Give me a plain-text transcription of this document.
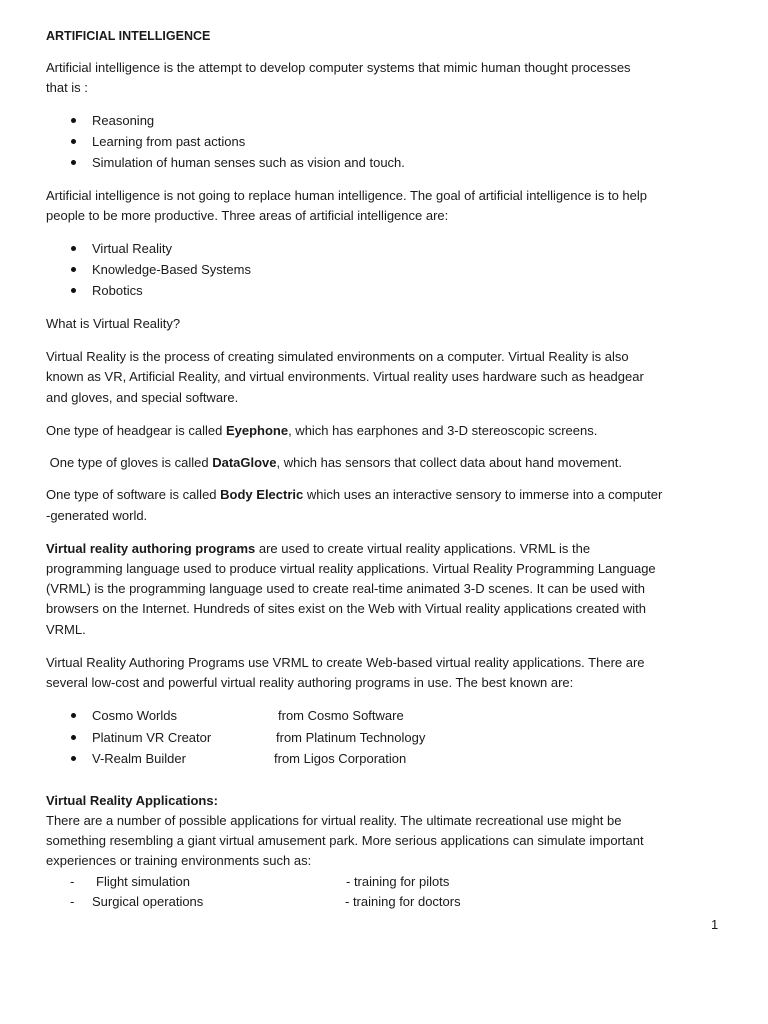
ARTIFICIAL INTELLIGENCE
Artificial intelligence is the attempt to develop computer systems that mimic human thought processes
that is :
Reasoning
Learning from past actions
Simulation of human senses such as vision and touch.
Artificial intelligence is not going to replace human intelligence. The goal of artificial intelligence is to help
people to be more productive. Three areas of artificial intelligence are:
Virtual Reality
Knowledge-Based Systems
Robotics
What is Virtual Reality?
Virtual Reality is the process of creating simulated environments on a computer. Virtual Reality is also
known as VR, Artificial Reality, and virtual environments. Virtual reality uses hardware such as headgear
and gloves, and special software.
One type of headgear is called Eyephone, which has earphones and 3-D stereoscopic screens.
One type of gloves is called DataGlove, which has sensors that collect data about hand movement.
One type of software is called Body Electric which uses an interactive sensory to immerse into a computer
-generated world.
Virtual reality authoring programs are used to create virtual reality applications. VRML is the
programming language used to produce virtual reality applications. Virtual Reality Programming Language
(VRML) is the programming language used to create real-time animated 3-D scenes. It can be used with
browsers on the Internet. Hundreds of sites exist on the Web with Virtual reality applications created with
VRML.
Virtual Reality Authoring Programs use VRML to create Web-based virtual reality applications. There are
several low-cost and powerful virtual reality authoring programs in use. The best known are:
Cosmo Worlds	from Cosmo Software
Platinum VR Creator	from Platinum Technology
V-Realm Builder	from Ligos Corporation
Virtual Reality Applications:
There are a number of possible applications for virtual reality. The ultimate recreational use might be
something resembling a giant virtual amusement park. More serious applications can simulate important
experiences or training environments such as:
- Flight simulation	- training for pilots
- Surgical operations	- training for doctors
1
